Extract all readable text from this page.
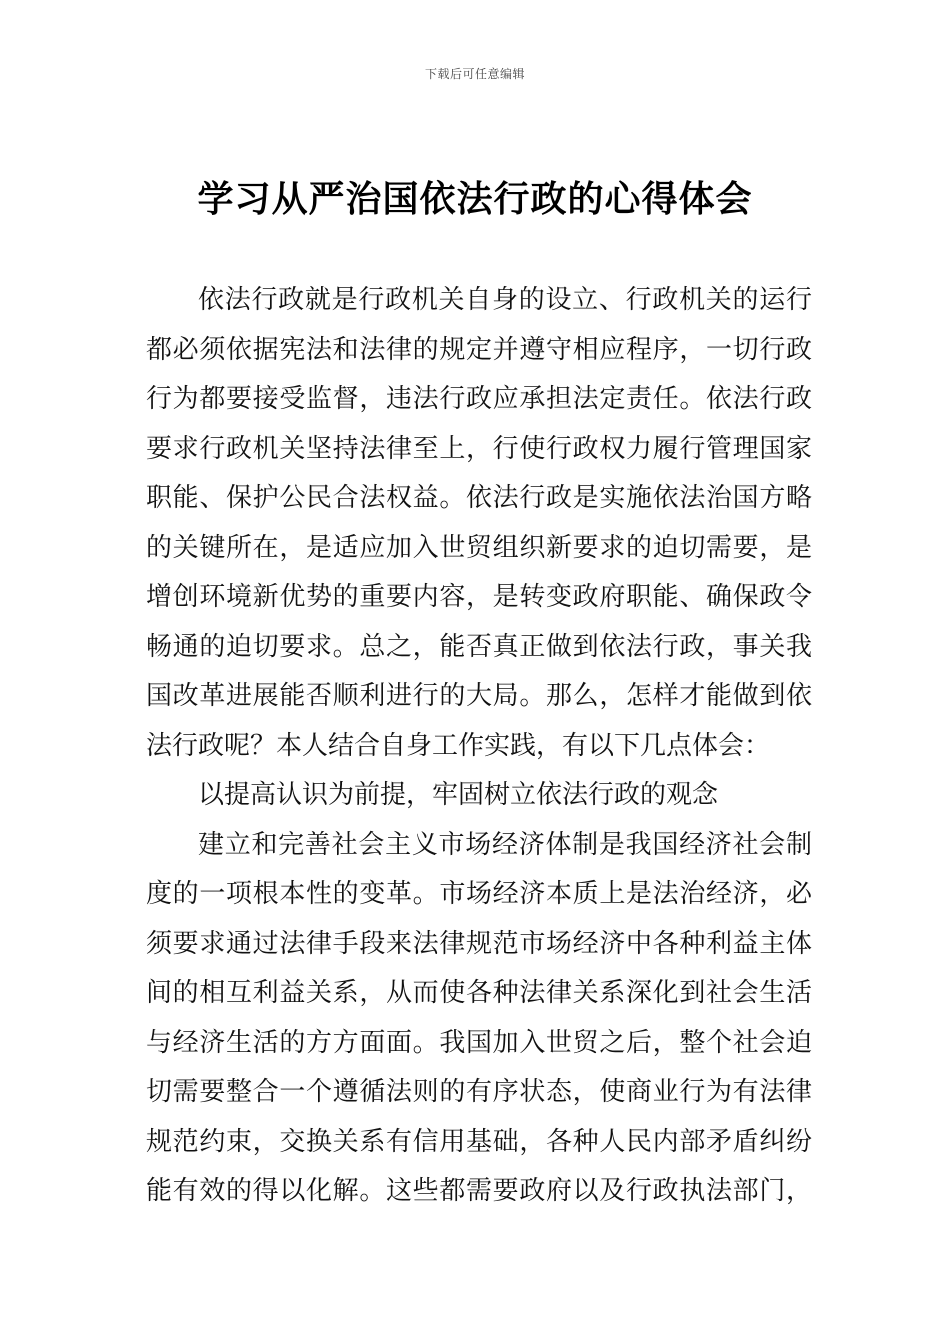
下载后可任意编辑
学习从严治国依法行政的心得体会
依法行政就是行政机关自身的设立、行政机关的运行
都必须依据宪法和法律的规定并遵守相应程序，一切行政
行为都要接受监督，违法行政应承担法定责任。依法行政
要求行政机关坚持法律至上，行使行政权力履行管理国家
职能、保护公民合法权益。依法行政是实施依法治国方略
的关键所在，是适应加入世贸组织新要求的迫切需要，是
增创环境新优势的重要内容，是转变政府职能、确保政令
畅通的迫切要求。总之，能否真正做到依法行政，事关我
国改革进展能否顺利进行的大局。那么，怎样才能做到依
法行政呢？本人结合自身工作实践，有以下几点体会：
以提高认识为前提，牢固树立依法行政的观念
建立和完善社会主义市场经济体制是我国经济社会制
度的一项根本性的变革。市场经济本质上是法治经济，必
须要求通过法律手段来法律规范市场经济中各种利益主体
间的相互利益关系，从而使各种法律关系深化到社会生活
与经济生活的方方面面。我国加入世贸之后，整个社会迫
切需要整合一个遵循法则的有序状态，使商业行为有法律
规范约束，交换关系有信用基础，各种人民内部矛盾纠纷
能有效的得以化解。这些都需要政府以及行政执法部门，
